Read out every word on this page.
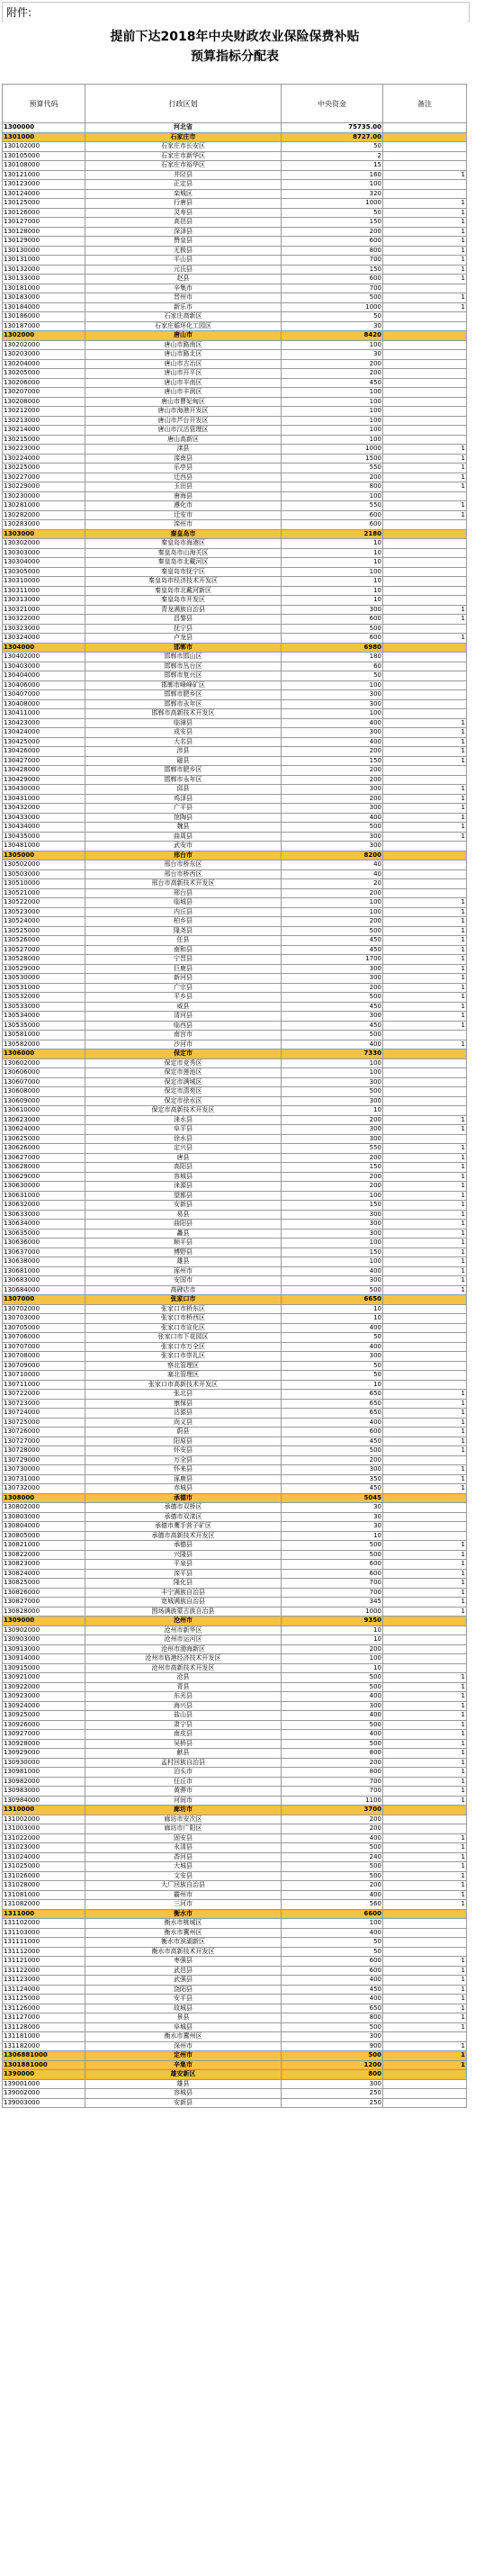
附件:
提前下达2018年中央财政农业保险保费补贴
预算指标分配表
预算代码	行政区划	中央资金	备注
1300000	河北省	75735.00	
1301000	石家庄市	8727.00	
130102000	石家庄市长安区	50	
130105000	石家庄市新华区	2	
130108000	石家庄市裕华区	15	
130121000	井陉县	160	1
130123000	正定县	100	
130124000	栾城区	320	
130125000	行唐县	1000	1
130126000	灵寿县	50	1
130127000	高邑县	150	1
130128000	深泽县	200	1
130129000	赞皇县	600	1
130130000	无极县	800	1
130131000	平山县	700	1
130132000	元氏县	150	1
130133000	赵县	600	1
130181000	辛集市	700	
130183000	晋州市	500	1
130184000	新乐市	1000	1
130186000	石家庄高新区	50	
130187000	石家庄循环化工园区	30	
1302000	唐山市	8420	
130202000	唐山市路南区	100	
130203000	唐山市路北区	30	
130204000	唐山市古冶区	200	
130205000	唐山市开平区	200	
130206000	唐山市丰南区	450	
130207000	唐山市丰润区	100	
130208000	唐山市曹妃甸区	100	
130212000	唐山市海港开发区	100	
130213000	唐山市芦台开发区	100	
130214000	唐山市汉沽管理区	100	
130215000	唐山高新区	100	
130223000	滦县	1000	1
130224000	滦南县	1500	1
130225000	乐亭县	550	1
130227000	迁西县	200	1
130229000	玉田县	800	1
130230000	唐海县	100	
130281000	遵化市	550	1
130282000	迁安市	600	1
130283000	滦州市	600	
1303000	秦皇岛市	2180	
130302000	秦皇岛市海港区	10	
130303000	秦皇岛市山海关区	10	
130304000	秦皇岛市北戴河区	10	
130305000	秦皇岛市抚宁区	100	
130310000	秦皇岛市经济技术开发区	10	
130311000	秦皇岛市北戴河新区	10	
130313000	秦皇岛市开发区	10	
130321000	青龙满族自治县	300	1
130322000	昌黎县	600	1
130323000	抚宁县	500	
130324000	卢龙县	600	1
1304000	邯郸市	6980	
130402000	邯郸市邯山区	180	
130403000	邯郸市丛台区	60	
130404000	邯郸市复兴区	50	
130406000	邯郸市峰峰矿区	100	
130407000	邯郸市肥乡区	300	
130408000	邯郸市永年区	300	
130411000	邯郸市高新技术开发区	100	
130423000	临漳县	400	1
130424000	成安县	300	1
130425000	大名县	400	1
130426000	涉县	200	1
130427000	磁县	150	1
130428000	邯郸市肥乡区	200	
130429000	邯郸市永年区	200	
130430000	邱县	300	1
130431000	鸡泽县	200	1
130432000	广平县	300	1
130433000	馆陶县	400	1
130434000	魏县	500	1
130435000	曲周县	300	1
130481000	武安市	300	
1305000	邢台市	8200	
130502000	邢台市桥东区	40	
130503000	邢台市桥西区	40	
130510000	邢台市高新技术开发区	20	
130521000	邢台县	200	
130522000	临城县	100	1
130523000	内丘县	100	1
130524000	柏乡县	200	1
130525000	隆尧县	500	1
130526000	任县	450	1
130527000	南和县	450	1
130528000	宁晋县	1700	1
130529000	巨鹿县	300	1
130530000	新河县	300	1
130531000	广宗县	200	1
130532000	平乡县	500	1
130533000	威县	450	1
130534000	清河县	300	1
130535000	临西县	450	1
130581000	南宫市	500	
130582000	沙河市	400	1
1306000	保定市	7330	
130602000	保定市竞秀区	100	
130606000	保定市莲池区	100	
130607000	保定市满城区	300	
130608000	保定市清苑区	500	
130609000	保定市徐水区	300	
130610000	保定市高新技术开发区	10	
130623000	涞水县	200	1
130624000	阜平县	300	1
130625000	徐水县	300	
130626000	定兴县	550	1
130627000	唐县	200	1
130628000	高阳县	150	1
130629000	容城县	200	1
130630000	涞源县	200	1
130631000	望都县	100	1
130632000	安新县	150	1
130633000	易县	300	1
130634000	曲阳县	300	1
130635000	蠡县	300	1
130636000	顺平县	100	1
130637000	博野县	150	1
130638000	雄县	100	1
130681000	涿州市	400	1
130683000	安国市	300	1
130684000	高碑店市	500	1
1307000	张家口市	6650	
130702000	张家口市桥东区	10	
130703000	张家口市桥西区	10	
130705000	张家口市宣化区	400	
130706000	张家口市下花园区	50	
130707000	张家口市万全区	400	
130708000	张家口市崇礼区	300	
130709000	察北管理区	50	
130710000	塞北管理区	50	
130711000	张家口市高新技术开发区	10	
130722000	张北县	650	1
130723000	康保县	650	1
130724000	沽源县	650	1
130725000	尚义县	400	1
130726000	蔚县	600	1
130727000	阳原县	450	1
130728000	怀安县	500	1
130729000	万全县	200	
130730000	怀来县	300	1
130731000	涿鹿县	350	1
130732000	赤城县	450	1
1308000	承德市	5045	
130802000	承德市双桥区	30	
130803000	承德市双滦区	30	
130804000	承德市鹰手营子矿区	30	
130805000	承德市高新技术开发区	10	
130821000	承德县	500	1
130822000	兴隆县	500	1
130823000	平泉县	600	1
130824000	滦平县	600	1
130825000	隆化县	700	1
130826000	丰宁满族自治县	700	1
130827000	宽城满族自治县	345	1
130828000	围场满族蒙古族自治县	1000	1
1309000	沧州市	9350	
130902000	沧州市新华区	10	
130903000	沧州市运河区	10	
130913000	沧州市渤海新区	200	
130914000	沧州市临港经济技术开发区	100	
130915000	沧州市高新技术开发区	10	
130921000	沧县	500	1
130922000	青县	500	1
130923000	东光县	400	1
130924000	海兴县	300	1
130925000	盐山县	400	1
130926000	肃宁县	500	1
130927000	南皮县	400	1
130928000	吴桥县	500	1
130929000	献县	800	1
130930000	孟村回族自治县	200	1
130981000	泊头市	800	1
130982000	任丘市	700	1
130983000	黄骅市	700	1
130984000	河间市	1100	1
1310000	廊坊市	3700	
131002000	廊坊市安次区	200	
131003000	廊坊市广阳区	200	
131022000	固安县	400	1
131023000	永清县	500	1
131024000	香河县	240	1
131025000	大城县	500	1
131026000	文安县	500	1
131028000	大厂回族自治县	200	1
131081000	霸州市	400	1
131082000	三河市	560	1
1311000	衡水市	6600	
131102000	衡水市桃城区	100	
131103000	衡水市冀州区	400	
131111000	衡水市滨湖新区	50	
131112000	衡水市高新技术开发区	50	
131121000	枣强县	600	1
131122000	武邑县	600	1
131123000	武强县	400	1
131124000	饶阳县	450	1
131125000	安平县	400	1
131126000	故城县	650	1
131127000	景县	800	1
131128000	阜城县	500	1
131181000	衡水市冀州区	300	
131182000	深州市	900	1
1306881000	定州市	500	1
1301881000	辛集市	1200	1
1390000	雄安新区	800	
139001000	雄县	300	
139002000	容城县	250	
139003000	安新县	250	
